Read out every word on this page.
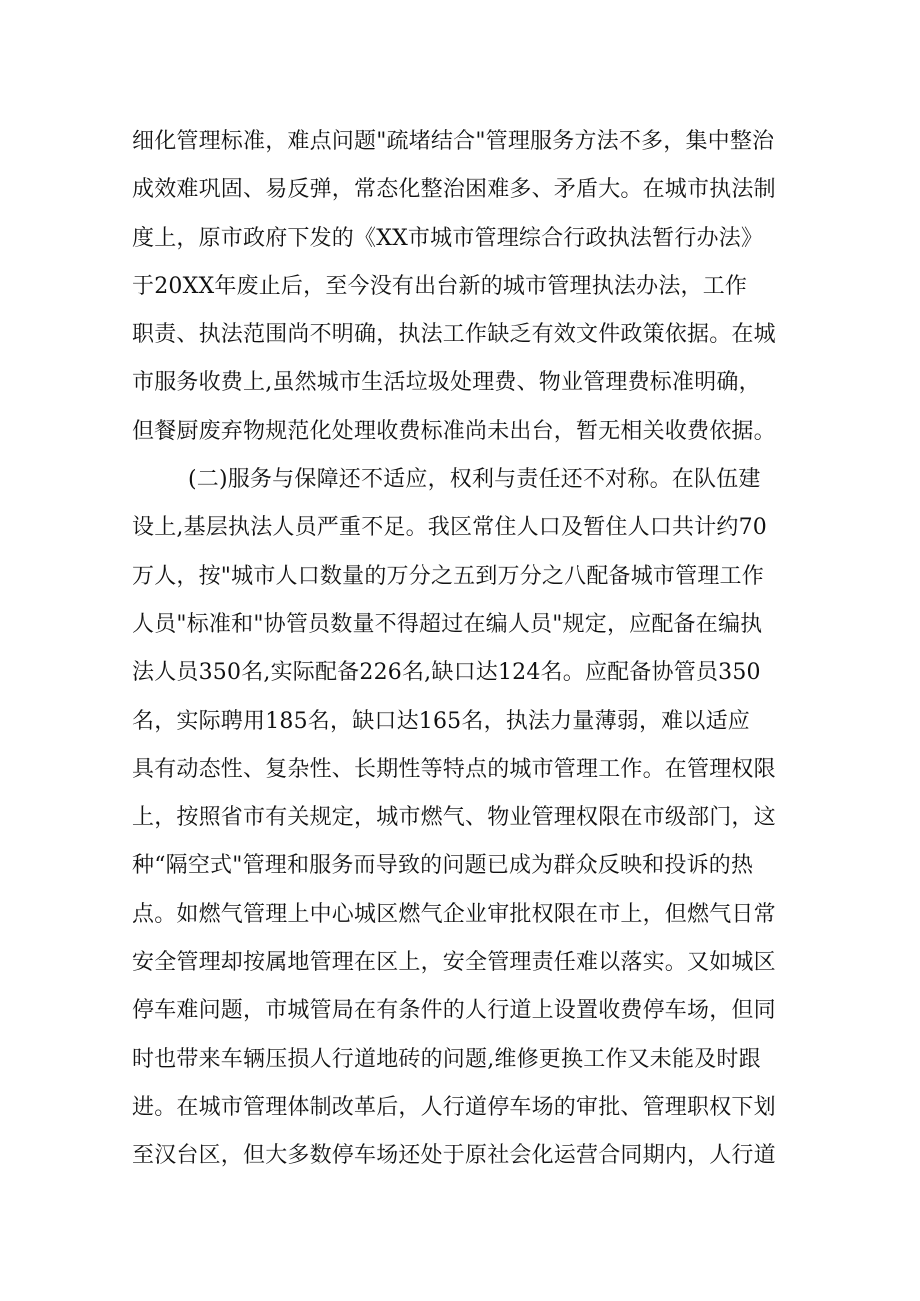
细化管理标准，难点问题"疏堵结合"管理服务方法不多，集中整治
成效难巩固、易反弹，常态化整治困难多、矛盾大。在城市执法制
度上，原市政府下发的《XX市城市管理综合行政执法暂行办法》
于20XX年废止后，至今没有出台新的城市管理执法办法，工作
职责、执法范围尚不明确，执法工作缺乏有效文件政策依据。在城
市服务收费上,虽然城市生活垃圾处理费、物业管理费标准明确，
但餐厨废弃物规范化处理收费标准尚未出台，暂无相关收费依据。
(二)服务与保障还不适应，权利与责任还不对称。在队伍建
设上,基层执法人员严重不足。我区常住人口及暂住人口共计约70
万人，按"城市人口数量的万分之五到万分之八配备城市管理工作
人员"标准和"协管员数量不得超过在编人员"规定，应配备在编执
法人员350名,实际配备226名,缺口达124名。应配备协管员350
名，实际聘用185名，缺口达165名，执法力量薄弱，难以适应
具有动态性、复杂性、长期性等特点的城市管理工作。在管理权限
上，按照省市有关规定，城市燃气、物业管理权限在市级部门，这
种“隔空式"管理和服务而导致的问题已成为群众反映和投诉的热
点。如燃气管理上中心城区燃气企业审批权限在市上，但燃气日常
安全管理却按属地管理在区上，安全管理责任难以落实。又如城区
停车难问题，市城管局在有条件的人行道上设置收费停车场，但同
时也带来车辆压损人行道地砖的问题,维修更换工作又未能及时跟
进。在城市管理体制改革后，人行道停车场的审批、管理职权下划
至汉台区，但大多数停车场还处于原社会化运营合同期内，人行道
